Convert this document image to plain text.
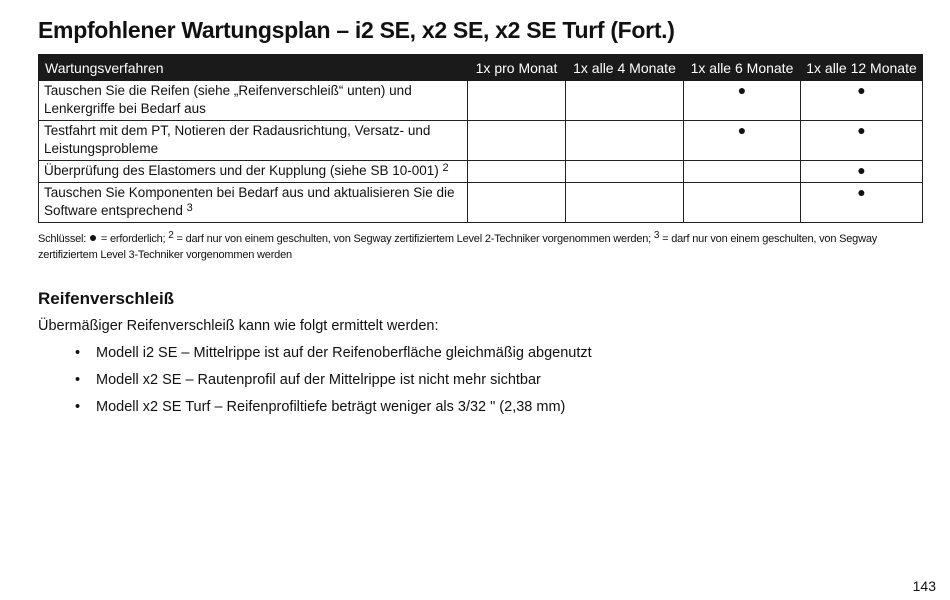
Empfohlener Wartungsplan – i2 SE, x2 SE, x2 SE Turf (Fort.)
Wartungsverfahren	1x pro Monat	1x alle 4 Monate	1x alle 6 Monate	1x alle 12 Monate
Tauschen Sie die Reifen (siehe „Reifenverschleiß“ unten) und Lenkergriffe bei Bedarf aus			●	●
Testfahrt mit dem PT, Notieren der Radausrichtung, Versatz- und Leistungsprobleme			●	●
Überprüfung des Elastomers und der Kupplung (siehe SB 10-001) $^2$				●
Tauschen Sie Komponenten bei Bedarf aus und aktualisieren Sie die Software entsprechend $^3$				●
Schlüssel: = erforderlich; $^2$ = darf nur von einem geschulten, von Segway zertifiziertem Level 2-Techniker vorgenommen werden; $^3$ = darf nur von einem geschulten, von Segway zertifiziertem Level 3-Techniker vorgenommen werden
Reifenverschleiß
Übermäßiger Reifenverschleiß kann wie folgt ermittelt werden:
• Modell i2 SE – Mittelrippe ist auf der Reifenoberfläche gleichmäßig abgenutzt
• Modell x2 SE – Rautenprofil auf der Mittelrippe ist nicht mehr sichtbar
• Modell x2 SE Turf – Reifenprofiltiefe beträgt weniger als 3/32 " (2,38 mm)
143
